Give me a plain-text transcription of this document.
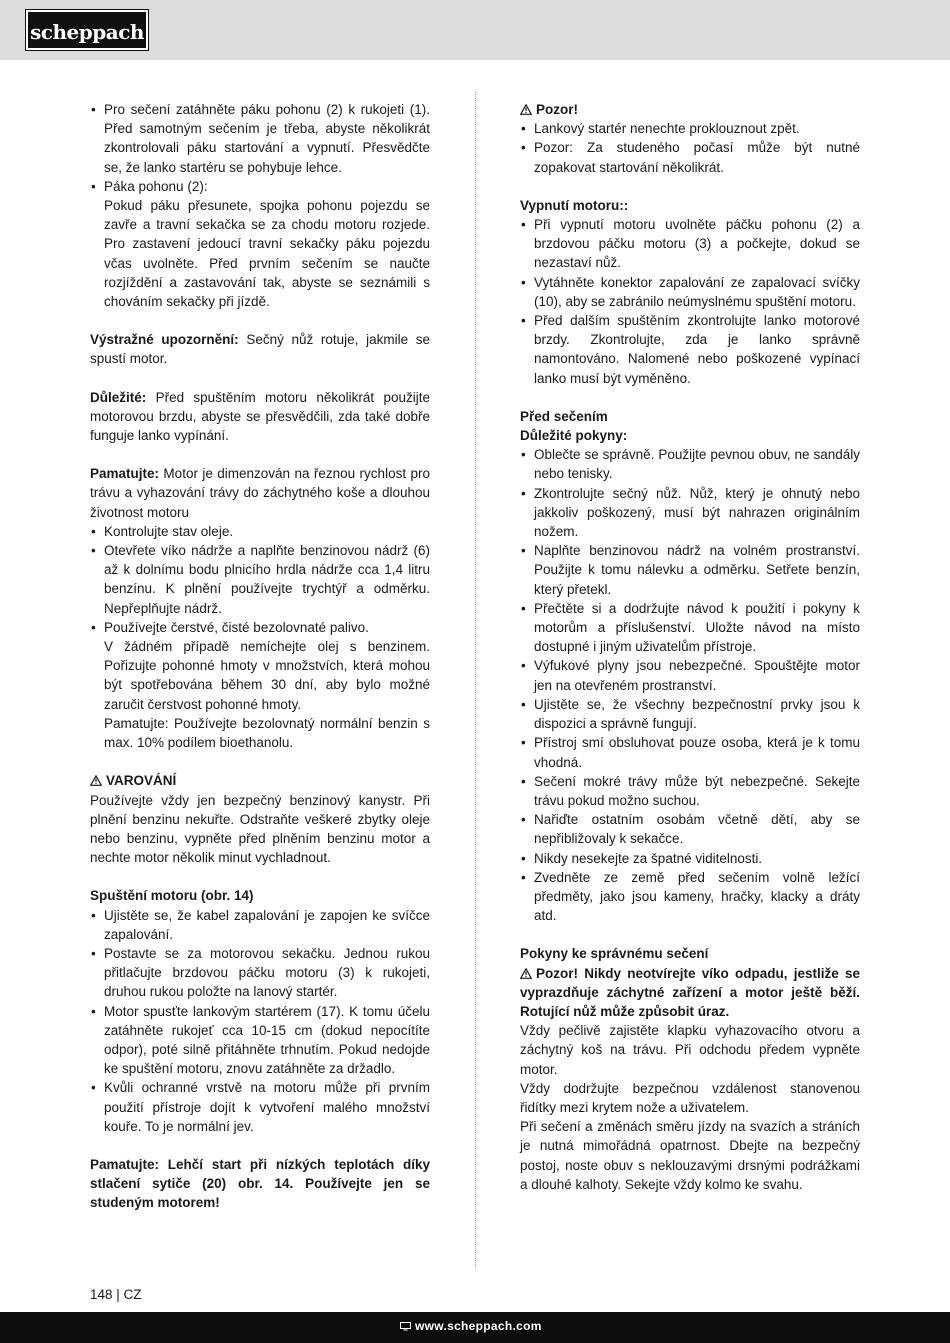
scheppach
• Pro sečení zatáhněte páku pohonu (2) k rukojeti (1). Před samotným sečením je třeba, abyste několikrát zkontrolovali páku startování a vypnutí. Přesvědčte se, že lanko startéru se pohybuje lehce.
• Páka pohonu (2):

Pokud páku přesunete, spojka pohonu pojezdu se zavře a travní sekačka se za chodu motoru rozjede. Pro zastavení jedoucí travní sekačky páku pojezdu včas uvolněte. Před prvním sečením se naučte rozjíždění a zastavování tak, abyste se seznámili s chováním sekačky při jízdě.

Výstražné upozornění: Sečný nůž rotuje, jakmile se spustí motor.

Důležité: Před spuštěním motoru několikrát použijte motorovou brzdu, abyste se přesvědčili, zda také dobře funguje lanko vypínání.

Pamatujte: Motor je dimenzován na řeznou rychlost pro trávu a vyhazování trávy do záchytného koše a dlouhou životnost motoru

• Kontrolujte stav oleje.
• Otevřete víko nádrže a naplňte benzinovou nádrž (6) až k dolnímu bodu plnicího hrdla nádrže cca 1,4 litru benzínu. K plnění používejte trychtýř a odměrku. Nepřeplňujte nádrž.
• Používejte čerstvé, čisté bezolovnaté palivo.

V žádném případě nemíchejte olej s benzinem. Pořizujte pohonné hmoty v množstvích, která mohou být spotřebována během 30 dní, aby bylo možné zaručit čerstvost pohonné hmoty.

Pamatujte: Používejte bezolovnatý normální benzin s max. 10% podílem bioethanolu.

VAROVÁNÍ

Používejte vždy jen bezpečný benzinový kanystr. Při plnění benzinu nekuřte. Odstraňte veškeré zbytky oleje nebo benzinu, vypněte před plněním benzinu motor a nechte motor několik minut vychladnout.

Spuštění motoru (obr. 14)

• Ujistěte se, že kabel zapalování je zapojen ke svíčce zapalování.
• Postavte se za motorovou sekačku. Jednou rukou přitlačujte brzdovou páčku motoru (3) k rukojeti, druhou rukou položte na lanový startér.
• Motor spusťte lankovým startérem (17). K tomu účelu zatáhněte rukojeť cca 10-15 cm (dokud nepocítíte odpor), poté silně přitáhněte trhnutím. Pokud nedojde ke spuštění motoru, znovu zatáhněte za držadlo.
• Kvůli ochranné vrstvě na motoru může při prvním použití přístroje dojít k vytvoření malého množství kouře. To je normální jev.

Pamatujte: Lehčí start při nízkých teplotách díky stlačení sytiče (20) obr. 14. Používejte jen se studeným motorem!

Pozor!

• Lankový startér nenechte proklouznout zpět.
• Pozor: Za studeného počasí může být nutné zopakovat startování několikrát.

Vypnutí motoru::

• Při vypnutí motoru uvolněte páčku pohonu (2) a brzdovou páčku motoru (3) a počkejte, dokud se nezastaví nůž.
• Vytáhněte konektor zapalování ze zapalovací svíčky (10), aby se zabránilo neúmyslnému spuštění motoru.
• Před dalším spuštěním zkontrolujte lanko motorové brzdy. Zkontrolujte, zda je lanko správně namontováno. Nalomené nebo poškozené vypínací lanko musí být vyměněno.

Před sečením

Důležité pokyny:

• Oblečte se správně. Použijte pevnou obuv, ne sandály nebo tenisky.
• Zkontrolujte sečný nůž. Nůž, který je ohnutý nebo jakkoliv poškozený, musí být nahrazen originálním nožem.
• Naplňte benzinovou nádrž na volném prostranství. Použijte k tomu nálevku a odměrku. Setřete benzín, který přetekl.
• Přečtěte si a dodržujte návod k použití i pokyny k motorům a příslušenství. Uložte návod na místo dostupné i jiným uživatelům přístroje.
• Výfukové plyny jsou nebezpečné. Spouštějte motor jen na otevřeném prostranství.
• Ujistěte se, že všechny bezpečnostní prvky jsou k dispozici a správně fungují.
• Přístroj smí obsluhovat pouze osoba, která je k tomu vhodná.
• Sečení mokré trávy může být nebezpečné. Sekejte trávu pokud možno suchou.
• Nařiďte ostatním osobám včetně dětí, aby se nepřibližovaly k sekačce.
• Nikdy nesekejte za špatné viditelnosti.
• Zvedněte ze země před sečením volně ležící předměty, jako jsou kameny, hračky, klacky a dráty atd.

Pokyny ke správnému sečení

Pozor! Nikdy neotvírejte víko odpadu, jestliže se vyprazdňuje záchytné zařízení a motor ještě běží. Rotující nůž může způsobit úraz.

Vždy pečlivě zajistěte klapku vyhazovacího otvoru a záchytný koš na trávu. Při odchodu předem vypněte motor.

Vždy dodržujte bezpečnou vzdálenost stanovenou řidítky mezi krytem nože a uživatelem.

Při sečení a změnách směru jízdy na svazích a stráních je nutná mimořádná opatrnost. Dbejte na bezpečný postoj, noste obuv s neklouzavými drsnými podrážkami a dlouhé kalhoty. Sekejte vždy kolmo ke svahu.

148 | CZ
www.scheppach.com
